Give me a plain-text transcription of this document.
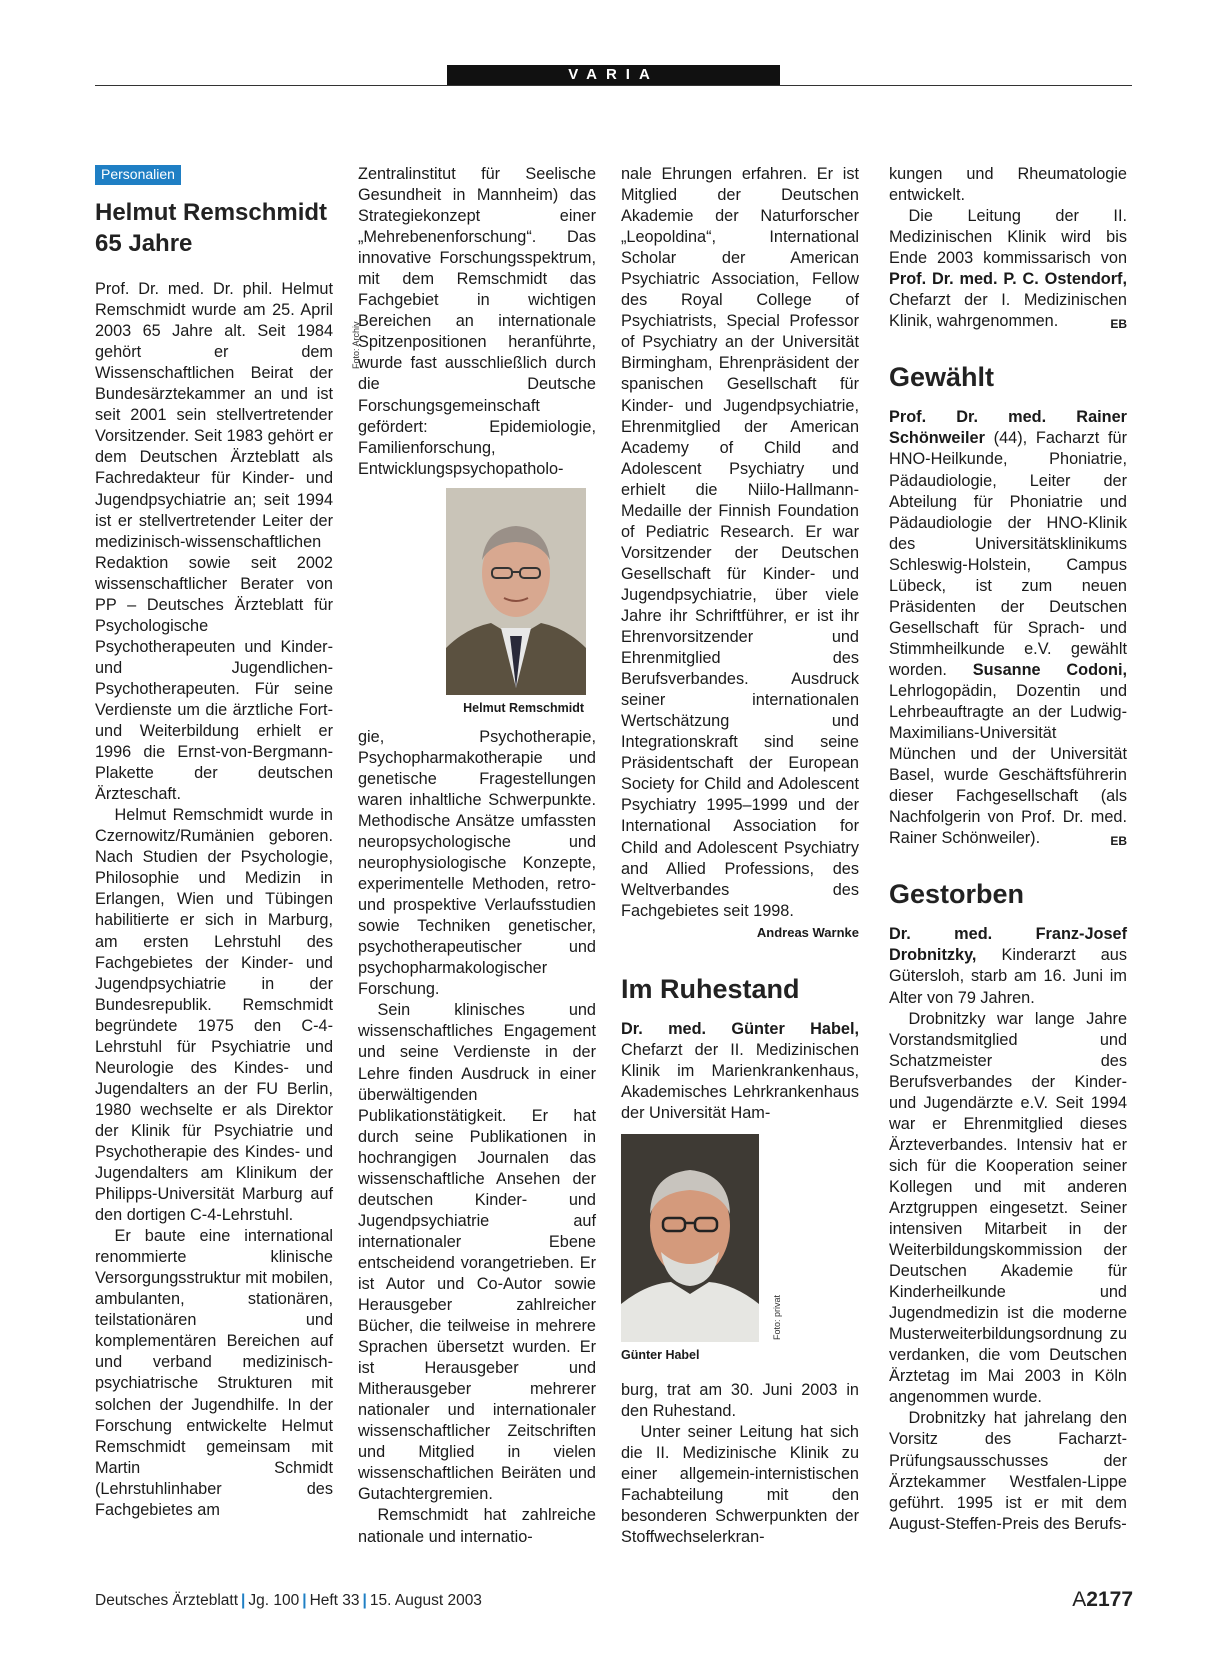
VARIA
Personalien
Helmut Remschmidt
65 Jahre

Prof. Dr. med. Dr. phil. Helmut Remschmidt wurde am 25. April 2003 65 Jahre alt. Seit 1984 gehört er dem Wissenschaftlichen Beirat der Bundesärztekammer an und ist seit 2001 sein stellvertretender Vorsitzender. Seit 1983 gehört er dem Deutschen Ärzteblatt als Fachredakteur für Kinder- und Jugendpsychiatrie an; seit 1994 ist er stellvertretender Leiter der medizinisch-wissenschaftlichen Redaktion sowie seit 2002 wissenschaftlicher Berater von PP – Deutsches Ärzteblatt für Psychologische Psychotherapeuten und Kinder- und Jugendlichen-Psychotherapeuten. Für seine Verdienste um die ärztliche Fort- und Weiterbildung erhielt er 1996 die Ernst-von-Bergmann-Plakette der deutschen Ärzteschaft.

Helmut Remschmidt wurde in Czernowitz/Rumänien geboren. Nach Studien der Psychologie, Philosophie und Medizin in Erlangen, Wien und Tübingen habilitierte er sich in Marburg, am ersten Lehrstuhl des Fachgebietes der Kinder- und Jugendpsychiatrie in der Bundesrepublik. Remschmidt begründete 1975 den C-4-Lehrstuhl für Psychiatrie und Neurologie des Kindes- und Jugendalters an der FU Berlin, 1980 wechselte er als Direktor der Klinik für Psychiatrie und Psychotherapie des Kindes- und Jugendalters am Klinikum der Philipps-Universität Marburg auf den dortigen C-4-Lehrstuhl.

Er baute eine international renommierte klinische Versorgungsstruktur mit mobilen, ambulanten, stationären, teilstationären und komplementären Bereichen auf und verband medizinisch-psychiatrische Strukturen mit solchen der Jugendhilfe. In der Forschung entwickelte Helmut Remschmidt gemeinsam mit Martin Schmidt (Lehrstuhlinhaber des Fachgebietes am

Zentralinstitut für Seelische Gesundheit in Mannheim) das Strategiekonzept einer „Mehrebenenforschung“. Das innovative Forschungsspektrum, mit dem Remschmidt das Fachgebiet in wichtigen Bereichen an internationale Spitzenpositionen heranführte, wurde fast ausschließlich durch die Deutsche Forschungsgemeinschaft gefördert: Epidemiologie, Familienforschung, Entwicklungspsychopatholo-

Foto: Archiv
Helmut Remschmidt

gie, Psychotherapie, Psychopharmakotherapie und genetische Fragestellungen waren inhaltliche Schwerpunkte. Methodische Ansätze umfassten neuropsychologische und neurophysiologische Konzepte, experimentelle Methoden, retro- und prospektive Verlaufsstudien sowie Techniken genetischer, psychotherapeutischer und psychopharmakologischer Forschung.

Sein klinisches und wissenschaftliches Engagement und seine Verdienste in der Lehre finden Ausdruck in einer überwältigenden Publikationstätigkeit. Er hat durch seine Publikationen in hochrangigen Journalen das wissenschaftliche Ansehen der deutschen Kinder- und Jugendpsychiatrie auf internationaler Ebene entscheidend vorangetrieben. Er ist Autor und Co-Autor sowie Herausgeber zahlreicher Bücher, die teilweise in mehrere Sprachen übersetzt wurden. Er ist Herausgeber und Mitherausgeber mehrerer nationaler und internationaler wissenschaftlicher Zeitschriften und Mitglied in vielen wissenschaftlichen Beiräten und Gutachtergremien.

Remschmidt hat zahlreiche nationale und internatio-

nale Ehrungen erfahren. Er ist Mitglied der Deutschen Akademie der Naturforscher „Leopoldina“, International Scholar der American Psychiatric Association, Fellow des Royal College of Psychiatrists, Special Professor of Psychiatry an der Universität Birmingham, Ehrenpräsident der spanischen Gesellschaft für Kinder- und Jugendpsychiatrie, Ehrenmitglied der American Academy of Child and Adolescent Psychiatry und erhielt die Niilo-Hallmann-Medaille der Finnish Foundation of Pediatric Research. Er war Vorsitzender der Deutschen Gesellschaft für Kinder- und Jugendpsychiatrie, über viele Jahre ihr Schriftführer, er ist ihr Ehrenvorsitzender und Ehrenmitglied des Berufsverbandes. Ausdruck seiner internationalen Wertschätzung und Integrationskraft sind seine Präsidentschaft der European Society for Child and Adolescent Psychiatry 1995–1999 und der International Association for Child and Adolescent Psychiatry and Allied Professions, des Weltverbandes des Fachgebietes seit 1998.
Andreas Warnke

Im Ruhestand

Dr. med. Günter Habel, Chefarzt der II. Medizinischen Klinik im Marienkrankenhaus, Akademisches Lehrkrankenhaus der Universität Ham-

Foto: privat
Günter Habel

burg, trat am 30. Juni 2003 in den Ruhestand.

Unter seiner Leitung hat sich die II. Medizinische Klinik zu einer allgemein-internistischen Fachabteilung mit den besonderen Schwerpunkten der Stoffwechselerkran-

kungen und Rheumatologie entwickelt.

Die Leitung der II. Medizinischen Klinik wird bis Ende 2003 kommissarisch von Prof. Dr. med. P. C. Ostendorf, Chefarzt der I. Medizinischen Klinik, wahrgenommen.	EB

Gewählt

Prof. Dr. med. Rainer Schönweiler (44), Facharzt für HNO-Heilkunde, Phoniatrie, Pädaudiologie, Leiter der Abteilung für Phoniatrie und Pädaudiologie der HNO-Klinik des Universitätsklinikums Schleswig-Holstein, Campus Lübeck, ist zum neuen Präsidenten der Deutschen Gesellschaft für Sprach- und Stimmheilkunde e.V. gewählt worden. Susanne Codoni, Lehrlogopädin, Dozentin und Lehrbeauftragte an der Ludwig-Maximilians-Universität München und der Universität Basel, wurde Geschäftsführerin dieser Fachgesellschaft (als Nachfolgerin von Prof. Dr. med. Rainer Schönweiler).	EB

Gestorben

Dr. med. Franz-Josef Drobnitzky, Kinderarzt aus Gütersloh, starb am 16. Juni im Alter von 79 Jahren.

Drobnitzky war lange Jahre Vorstandsmitglied und Schatzmeister des Berufsverbandes der Kinder- und Jugendärzte e.V. Seit 1994 war er Ehrenmitglied dieses Ärzteverbandes. Intensiv hat er sich für die Kooperation seiner Kollegen und mit anderen Arztgruppen eingesetzt. Seiner intensiven Mitarbeit in der Weiterbildungskommission der Deutschen Akademie für Kinderheilkunde und Jugendmedizin ist die moderne Musterweiterbildungsordnung zu verdanken, die vom Deutschen Ärztetag im Mai 2003 in Köln angenommen wurde.

Drobnitzky hat jahrelang den Vorsitz des Facharzt-Prüfungsausschusses der Ärztekammer Westfalen-Lippe geführt. 1995 ist er mit dem August-Steffen-Preis des Berufs-

Deutsches Ärzteblatt | Jg. 100 | Heft 33 | 15. August 2003	A2177
